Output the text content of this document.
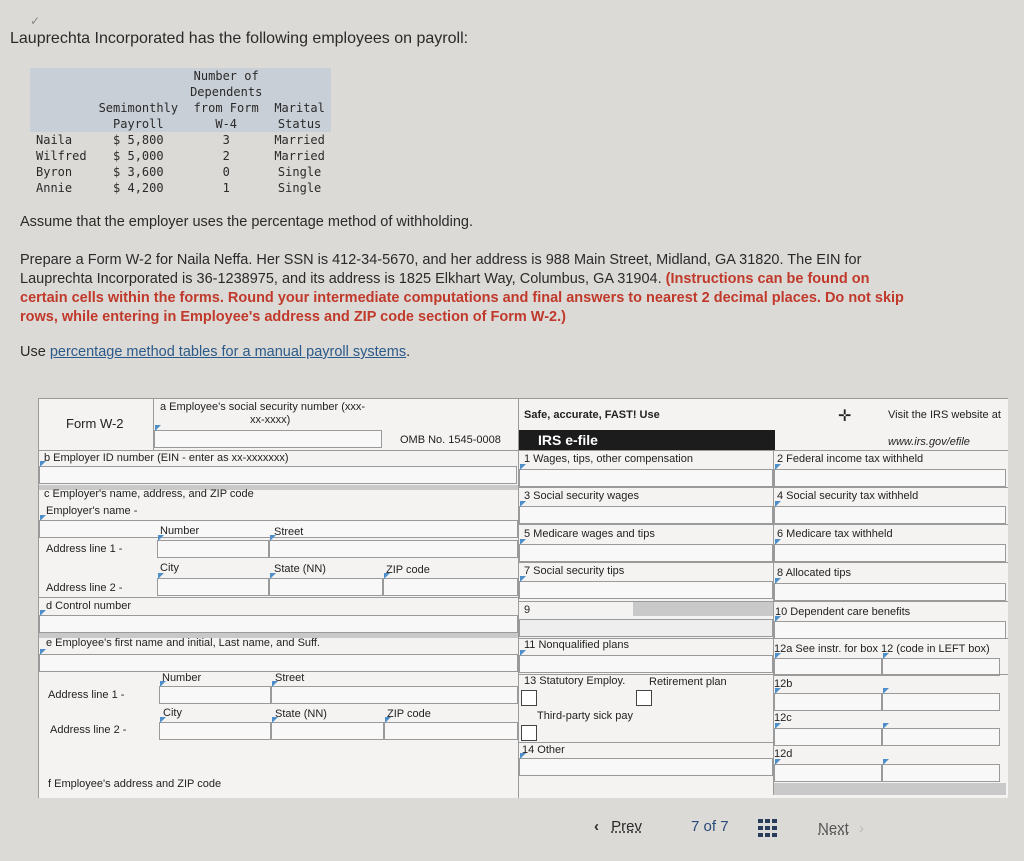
✓
Lauprechta Incorporated has the following employees on payroll:
		Number of	
		Dependents	
	Semimonthly	from Form	Marital
	Payroll	W-4	Status
Naila	$ 5,800	3	Married
Wilfred	$ 5,000	2	Married
Byron	$ 3,600	0	Single
Annie	$ 4,200	1	Single
Assume that the employer uses the percentage method of withholding.
Prepare a Form W-2 for Naila Neffa. Her SSN is 412-34-5670, and her address is 988 Main Street, Midland, GA 31820. The EIN for
Lauprechta Incorporated is 36-1238975, and its address is 1825 Elkhart Way, Columbus, GA 31904. (Instructions can be found on
certain cells within the forms. Round your intermediate computations and final answers to nearest 2 decimal places. Do not skip
rows, while entering in Employee's address and ZIP code section of Form W-2.)
Use percentage method tables for a manual payroll systems.
Form W-2
a Employee's social security number (xxx-
xx-xxxx)
OMB No. 1545-0008
Safe, accurate, FAST! Use
IRS e-file
✛	Visit the IRS website at
www.irs.gov/efile
b Employer ID number (EIN - enter as xx-xxxxxxx)	1 Wages, tips, other compensation	2 Federal income tax withheld
3 Social security wages	4 Social security tax withheld
5 Medicare wages and tips	6 Medicare tax withheld
7 Social security tips	8 Allocated tips
9	10 Dependent care benefits
11 Nonqualified plans	12a See instr. for box 12 (code in LEFT box)
13 Statutory Employ. Retirement plan
Third-party sick pay
12b
12c
14 Other	12d
c Employer's name, address, and ZIP code
Employer's name -
Number	Street
Address line 1 -
City	State (NN)	ZIP code
Address line 2 -
d Control number
e Employee's first name and initial, Last name, and Suff.
Number	Street
Address line 1 -
City	State (NN)	ZIP code
Address line 2 -
f Employee's address and ZIP code
‹ Prev	7 of 7	Next ›
